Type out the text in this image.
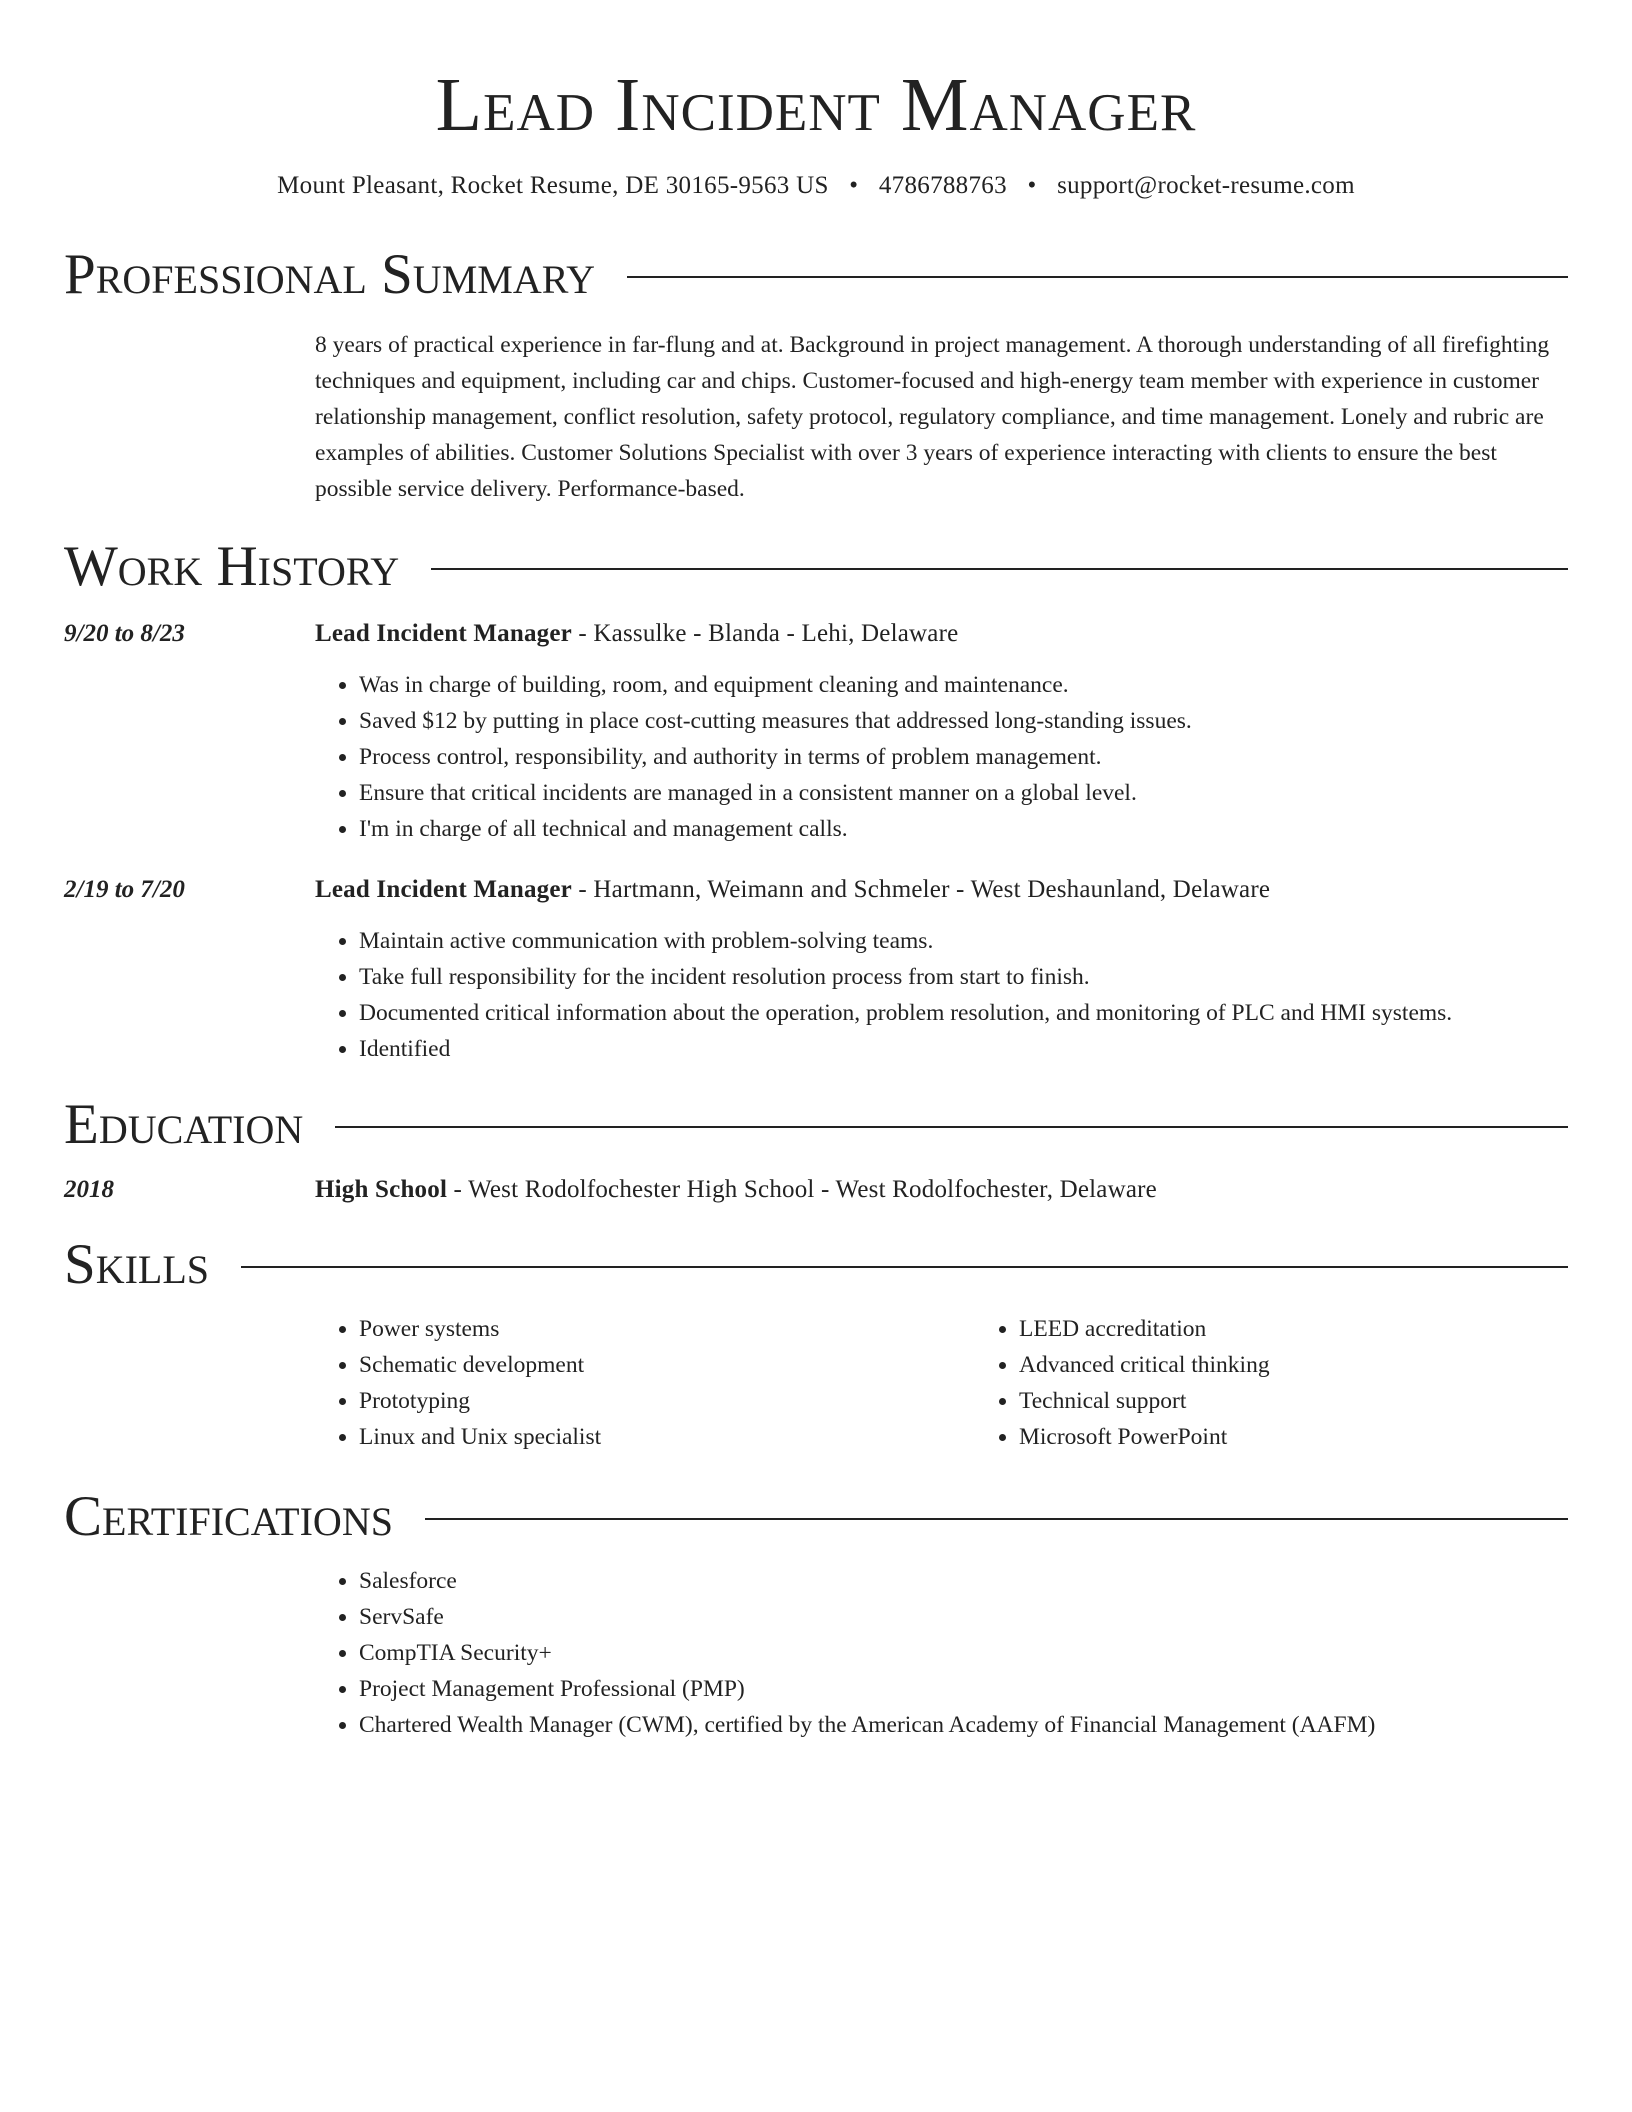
Lead Incident Manager
Mount Pleasant, Rocket Resume, DE 30165-9563 US • 4786788763 • support@rocket-resume.com
Professional Summary

8 years of practical experience in far-flung and at. Background in project management. A thorough understanding of all firefighting techniques and equipment, including car and chips. Customer-focused and high-energy team member with experience in customer relationship management, conflict resolution, safety protocol, regulatory compliance, and time management. Lonely and rubric are examples of abilities. Customer Solutions Specialist with over 3 years of experience interacting with clients to ensure the best possible service delivery. Performance-based.

Work History
9/20 to 8/23	Lead Incident Manager - Kassulke - Blanda - Lehi, Delaware
• Was in charge of building, room, and equipment cleaning and maintenance.
• Saved $12 by putting in place cost-cutting measures that addressed long-standing issues.
• Process control, responsibility, and authority in terms of problem management.
• Ensure that critical incidents are managed in a consistent manner on a global level.
• I'm in charge of all technical and management calls.
2/19 to 7/20	Lead Incident Manager - Hartmann, Weimann and Schmeler - West Deshaunland, Delaware
• Maintain active communication with problem-solving teams.
• Take full responsibility for the incident resolution process from start to finish.
• Documented critical information about the operation, problem resolution, and monitoring of PLC and HMI systems.
• Identified
Education
2018	High School - West Rodolfochester High School - West Rodolfochester, Delaware
Skills
• Power systems
• Schematic development
• Prototyping
• Linux and Unix specialist
• LEED accreditation
• Advanced critical thinking
• Technical support
• Microsoft PowerPoint
Certifications
• Salesforce
• ServSafe
• CompTIA Security+
• Project Management Professional (PMP)
• Chartered Wealth Manager (CWM), certified by the American Academy of Financial Management (AAFM)
